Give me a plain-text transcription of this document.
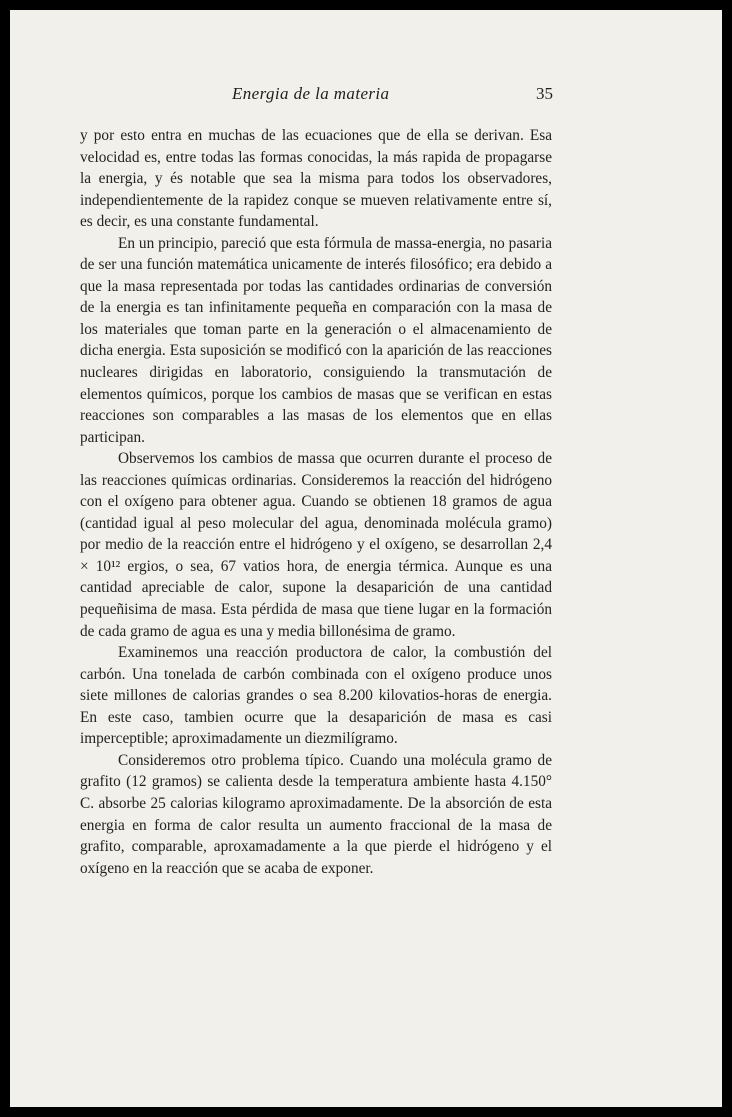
Energia de la materia	35

y por esto entra en muchas de las ecuaciones que de ella se derivan. Esa velocidad es, entre todas las formas conocidas, la más rapida de propagarse la energia, y és notable que sea la misma para todos los observadores, independientemente de la rapidez conque se mueven relativamente entre sí, es decir, es una constante fundamental.

En un principio, pareció que esta fórmula de massa-energia, no pasaria de ser una función matemática unicamente de interés filosófico; era debido a que la masa representada por todas las cantidades ordinarias de conversión de la energia es tan infinitamente pequeña en comparación con la masa de los materiales que toman parte en la generación o el almacenamiento de dicha energia. Esta suposición se modificó con la aparición de las reacciones nucleares dirigidas en laboratorio, consiguiendo la transmutación de elementos químicos, porque los cambios de masas que se verifican en estas reacciones son comparables a las masas de los elementos que en ellas participan.

Observemos los cambios de massa que ocurren durante el proceso de las reacciones químicas ordinarias. Consideremos la reacción del hidrógeno con el oxígeno para obtener agua. Cuando se obtienen 18 gramos de agua (cantidad igual al peso molecular del agua, denominada molécula gramo) por medio de la reacción entre el hidrógeno y el oxígeno, se desarrollan 2,4 × 10¹² ergios, o sea, 67 vatios hora, de energia térmica. Aunque es una cantidad apreciable de calor, supone la desaparición de una cantidad pequeñisima de masa. Esta pérdida de masa que tiene lugar en la formación de cada gramo de agua es una y media billonésima de gramo.

Examinemos una reacción productora de calor, la combustión del carbón. Una tonelada de carbón combinada con el oxígeno produce unos siete millones de calorias grandes o sea 8.200 kilovatios-horas de energia. En este caso, tambien ocurre que la desaparición de masa es casi imperceptible; aproximadamente un diezmilígramo.

Consideremos otro problema típico. Cuando una molécula gramo de grafito (12 gramos) se calienta desde la temperatura ambiente hasta 4.150° C. absorbe 25 calorias kilogramo aproximadamente. De la absorción de esta energia en forma de calor resulta un aumento fraccional de la masa de grafito, comparable, aproxamadamente a la que pierde el hidrógeno y el oxígeno en la reacción que se acaba de exponer.
